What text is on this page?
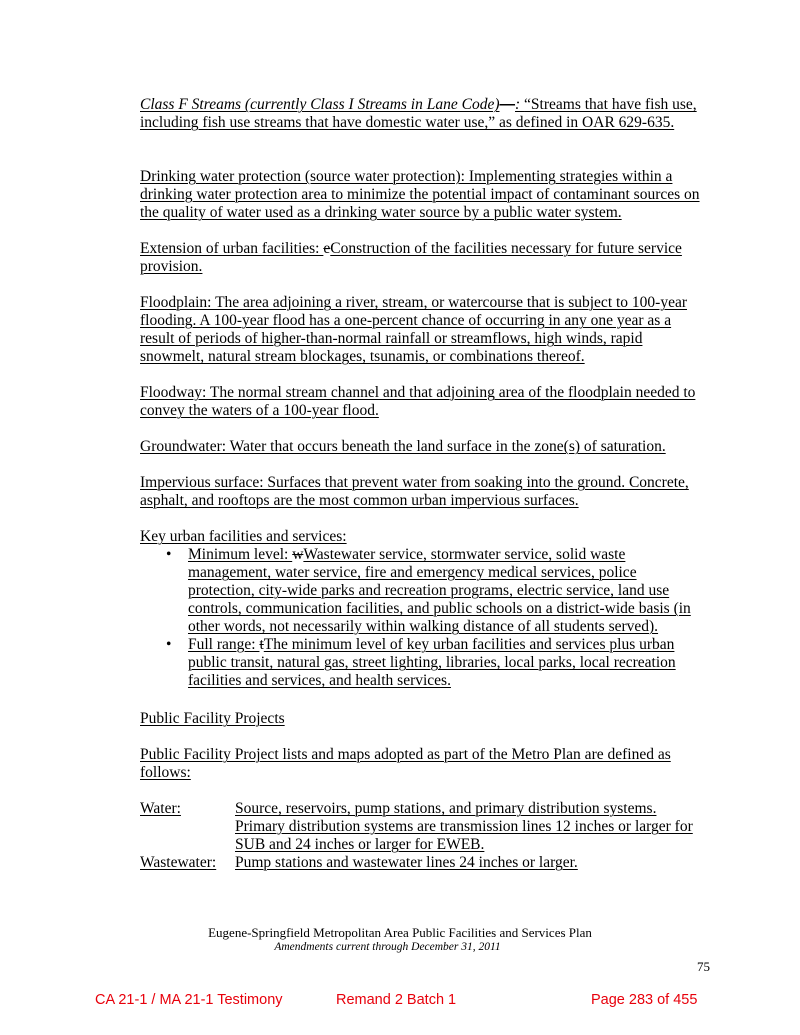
Class F Streams (currently Class I Streams in Lane Code)—: “Streams that have fish use, including fish use streams that have domestic water use,” as defined in OAR 629-635.

Drinking water protection (source water protection): Implementing strategies within a drinking water protection area to minimize the potential impact of contaminant sources on the quality of water used as a drinking water source by a public water system.

Extension of urban facilities: eConstruction of the facilities necessary for future service provision.

Floodplain: The area adjoining a river, stream, or watercourse that is subject to 100-year flooding. A 100-year flood has a one-percent chance of occurring in any one year as a result of periods of higher-than-normal rainfall or streamflows, high winds, rapid snowmelt, natural stream blockages, tsunamis, or combinations thereof.

Floodway: The normal stream channel and that adjoining area of the floodplain needed to convey the waters of a 100-year flood.

Groundwater: Water that occurs beneath the land surface in the zone(s) of saturation.

Impervious surface: Surfaces that prevent water from soaking into the ground. Concrete, asphalt, and rooftops are the most common urban impervious surfaces.

Key urban facilities and services:

• Minimum level: wWastewater service, stormwater service, solid waste management, water service, fire and emergency medical services, police protection, city-wide parks and recreation programs, electric service, land use controls, communication facilities, and public schools on a district-wide basis (in other words, not necessarily within walking distance of all students served).
• Full range: tThe minimum level of key urban facilities and services plus urban public transit, natural gas, street lighting, libraries, local parks, local recreation facilities and services, and health services.

Public Facility Projects

Public Facility Project lists and maps adopted as part of the Metro Plan are defined as follows:

Water:	Source, reservoirs, pump stations, and primary distribution systems. Primary distribution systems are transmission lines 12 inches or larger for SUB and 24 inches or larger for EWEB.
Wastewater:	Pump stations and wastewater lines 24 inches or larger.
Eugene-Springfield Metropolitan Area Public Facilities and Services Plan
Amendments current through December 31, 2011
75
CA 21-1 / MA 21-1 Testimony	Remand 2 Batch 1	Page 283 of 455
